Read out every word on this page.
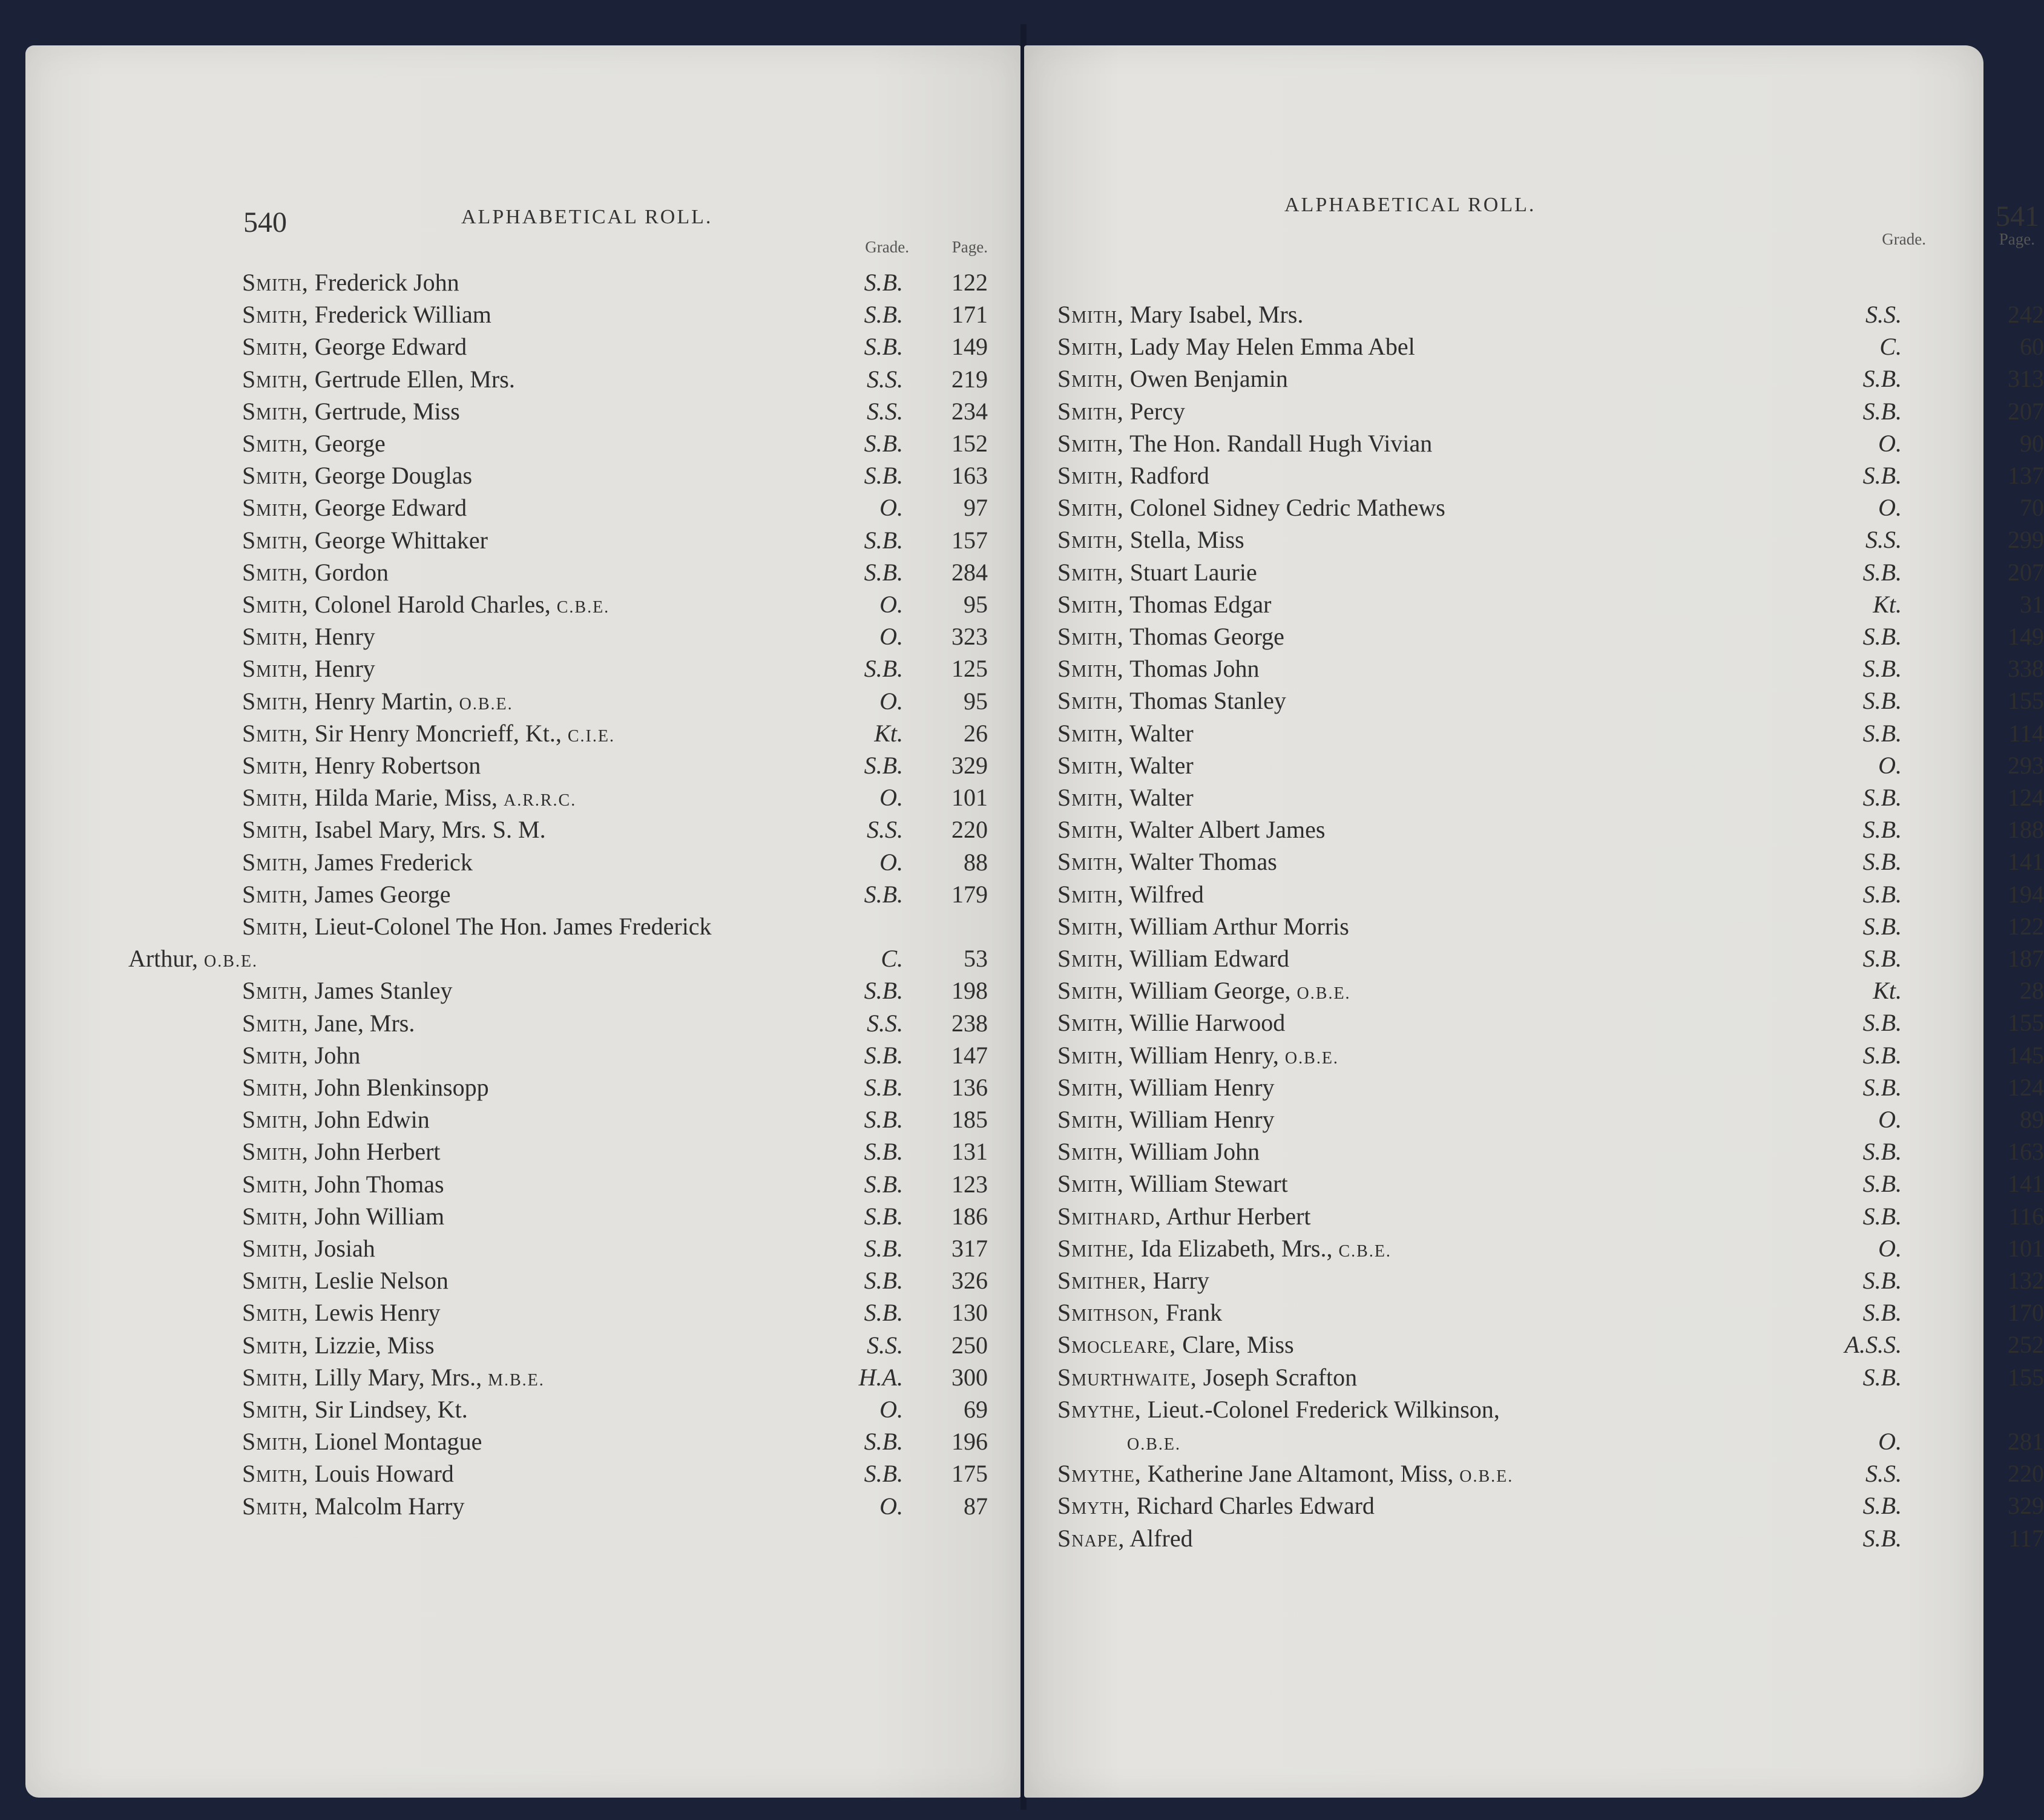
540	ALPHABETICAL ROLL.
Grade.	Page.
Smith, Frederick John	S.B.	122
Smith, Frederick William	S.B.	171
Smith, George Edward	S.B.	149
Smith, Gertrude Ellen, Mrs.	S.S.	219
Smith, Gertrude, Miss	S.S.	234
Smith, George	S.B.	152
Smith, George Douglas	S.B.	163
Smith, George Edward	O.	97
Smith, George Whittaker	S.B.	157
Smith, Gordon	S.B.	284
Smith, Colonel Harold Charles, C.B.E.	O.	95
Smith, Henry	O.	323
Smith, Henry	S.B.	125
Smith, Henry Martin, O.B.E.	O.	95
Smith, Sir Henry Moncrieff, Kt., C.I.E.	Kt.	26
Smith, Henry Robertson	S.B.	329
Smith, Hilda Marie, Miss, A.R.R.C.	O.	101
Smith, Isabel Mary, Mrs. S. M.	S.S.	220
Smith, James Frederick	O.	88
Smith, James George	S.B.	179
Smith, Lieut-Colonel The Hon. James Frederick
Arthur, O.B.E.	C.	53
Smith, James Stanley	S.B.	198
Smith, Jane, Mrs.	S.S.	238
Smith, John	S.B.	147
Smith, John Blenkinsopp	S.B.	136
Smith, John Edwin	S.B.	185
Smith, John Herbert	S.B.	131
Smith, John Thomas	S.B.	123
Smith, John William	S.B.	186
Smith, Josiah	S.B.	317
Smith, Leslie Nelson	S.B.	326
Smith, Lewis Henry	S.B.	130
Smith, Lizzie, Miss	S.S.	250
Smith, Lilly Mary, Mrs., M.B.E.	H.A.	300
Smith, Sir Lindsey, Kt.	O.	69
Smith, Lionel Montague	S.B.	196
Smith, Louis Howard	S.B.	175
Smith, Malcolm Harry	O.	87
ALPHABETICAL ROLL.	541
Grade.	Page.
Smith, Mary Isabel, Mrs.	S.S.	242
Smith, Lady May Helen Emma Abel	C.	60
Smith, Owen Benjamin	S.B.	313
Smith, Percy	S.B.	207
Smith, The Hon. Randall Hugh Vivian	O.	90
Smith, Radford	S.B.	137
Smith, Colonel Sidney Cedric Mathews	O.	70
Smith, Stella, Miss	S.S.	299
Smith, Stuart Laurie	S.B.	207
Smith, Thomas Edgar	Kt.	31
Smith, Thomas George	S.B.	149
Smith, Thomas John	S.B.	338
Smith, Thomas Stanley	S.B.	155
Smith, Walter	S.B.	114
Smith, Walter	O.	293
Smith, Walter	S.B.	124
Smith, Walter Albert James	S.B.	188
Smith, Walter Thomas	S.B.	141
Smith, Wilfred	S.B.	194
Smith, William Arthur Morris	S.B.	122
Smith, William Edward	S.B.	187
Smith, William George, O.B.E.	Kt.	28
Smith, Willie Harwood	S.B.	155
Smith, William Henry, O.B.E.	S.B.	145
Smith, William Henry	S.B.	124
Smith, William Henry	O.	89
Smith, William John	S.B.	163
Smith, William Stewart	S.B.	141
Smithard, Arthur Herbert	S.B.	116
Smithe, Ida Elizabeth, Mrs., C.B.E.	O.	101
Smither, Harry	S.B.	132
Smithson, Frank	S.B.	170
Smocleare, Clare, Miss	A.S.S.	252
Smurthwaite, Joseph Scrafton	S.B.	155
Smythe, Lieut.-Colonel Frederick Wilkinson,
O.B.E.	O.	281
Smythe, Katherine Jane Altamont, Miss, O.B.E.	S.S.	220
Smyth, Richard Charles Edward	S.B.	329
Snape, Alfred	S.B.	117
